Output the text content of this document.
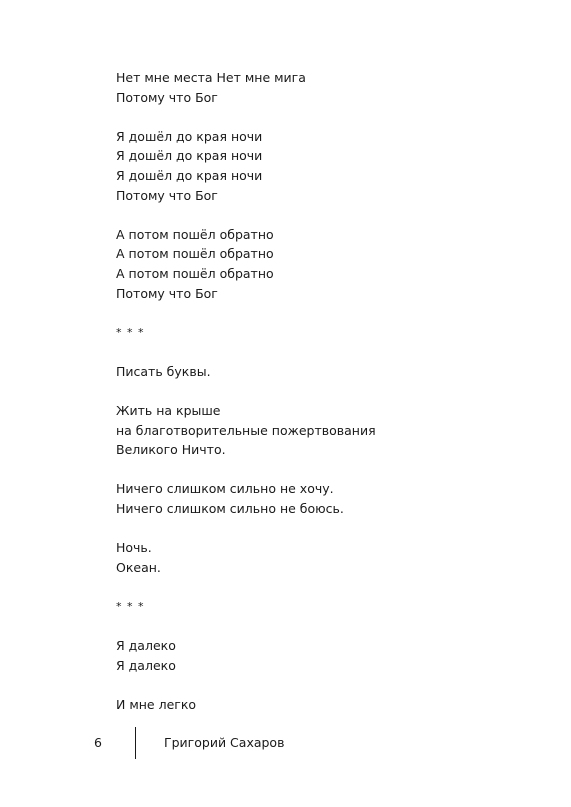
Нет мне места Нет мне мига
Потому что Бог
Я дошёл до края ночи
Я дошёл до края ночи
Я дошёл до края ночи
Потому что Бог
А потом пошёл обратно
А потом пошёл обратно
А потом пошёл обратно
Потому что Бог
* * *
Писать буквы.
Жить на крыше
на благотворительные пожертвования
Великого Ничто.
Ничего слишком сильно не хочу.
Ничего слишком сильно не боюсь.
Ночь.
Океан.
* * *
Я далеко
Я далеко
И мне легко
6	Григорий Сахаров
